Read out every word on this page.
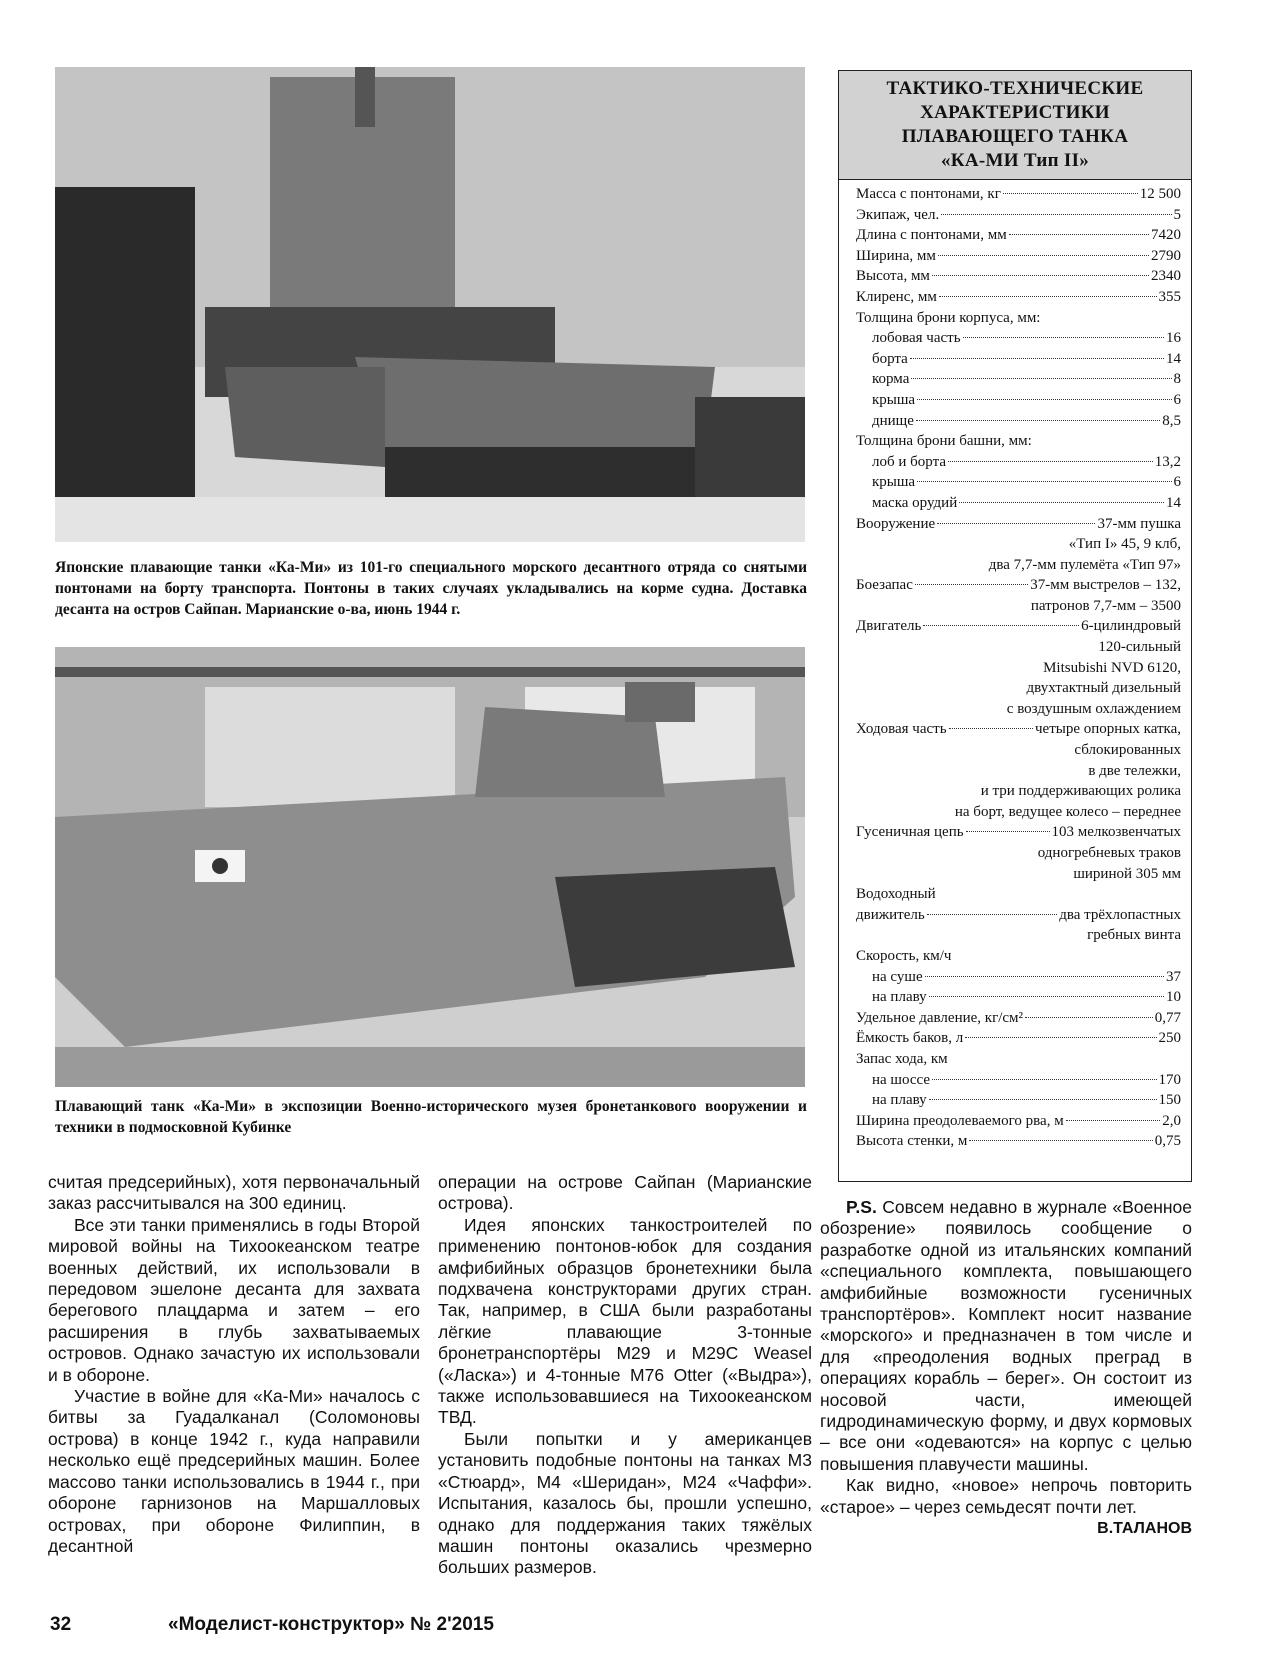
Японские плавающие танки «Ка-Ми» из 101-го специального морского десантного отряда со снятыми понтонами на борту транспорта. Понтоны в таких случаях укладывались на корме судна. Доставка десанта на остров Сайпан. Марианские о-ва, июнь 1944 г.
Плавающий танк «Ка-Ми» в экспозиции Военно-исторического музея бронетанкового вооружении и техники в подмосковной Кубинке
ТАКТИКО-ТЕХНИЧЕСКИЕ
ХАРАКТЕРИСТИКИ
ПЛАВАЮЩЕГО ТАНКА
«КА-МИ Тип II»
Масса с понтонами, кг	12 500
Экипаж, чел.	5
Длина с понтонами, мм	7420
Ширина, мм	2790
Высота, мм	2340
Клиренс, мм	355
Толщина брони корпуса, мм:
лобовая часть	16
борта	14
корма	8
крыша	6
днище	8,5
Толщина брони башни, мм:
лоб и борта	13,2
крыша	6
маска орудий	14
Вооружение	37-мм пушка
«Тип I» 45, 9 клб,
два 7,7-мм пулемёта «Тип 97»
Боезапас	37-мм выстрелов – 132,
патронов 7,7-мм – 3500
Двигатель	6-цилиндровый
120-сильный
Mitsubishi NVD 6120,
двухтактный дизельный
с воздушным охлаждением
Ходовая часть	четыре опорных катка,
сблокированных
в две тележки,
и три поддерживающих ролика
на борт, ведущее колесо – переднее
Гусеничная цепь	103 мелкозвенчатых
одногребневых траков
шириной 305 мм
Водоходный
движитель	два трёхлопастных
гребных винта
Скорость, км/ч
на суше	37
на плаву	10
Удельное давление, кг/см²	0,77
Ёмкость баков, л	250
Запас хода, км
на шоссе	170
на плаву	150
Ширина преодолеваемого рва, м	2,0
Высота стенки, м	0,75

считая предсерийных), хотя первоначальный заказ рассчитывался на 300 единиц.

Все эти танки применялись в годы Второй мировой войны на Тихоокеанском театре военных действий, их использовали в передовом эшелоне десанта для захвата берегового плацдарма и затем – его расширения в глубь захватываемых островов. Однако зачастую их использовали и в обороне.

Участие в войне для «Ка-Ми» началось с битвы за Гуадалканал (Соломоновы острова) в конце 1942 г., куда направили несколько ещё предсерийных машин. Более массово танки использовались в 1944 г., при обороне гарнизонов на Маршалловых островах, при обороне Филиппин, в десантной

операции на острове Сайпан (Марианские острова).

Идея японских танкостроителей по применению понтонов-юбок для создания амфибийных образцов бронетехники была подхвачена конструкторами других стран. Так, например, в США были разработаны лёгкие плавающие 3-тонные бронетранспортёры M29 и M29C Weasel («Ласка») и 4-тонные M76 Otter («Выдра»), также использовавшиеся на Тихоокеанском ТВД.

Были попытки и у американцев установить подобные понтоны на танках М3 «Стюард», М4 «Шеридан», М24 «Чаффи». Испытания, казалось бы, прошли успешно, однако для поддержания таких тяжёлых машин понтоны оказались чрезмерно больших размеров.

P.S. Совсем недавно в журнале «Военное обозрение» появилось сообщение о разработке одной из итальянских компаний «специального комплекта, повышающего амфибийные возможности гусеничных транспортёров». Комплект носит название «морского» и предназначен в том числе и для «преодоления водных преград в операциях корабль – берег». Он состоит из носовой части, имеющей гидродинамическую форму, и двух кормовых – все они «одеваются» на корпус с целью повышения плавучести машины.

Как видно, «новое» непрочь повторить «старое» – через семьдесят почти лет.

В.ТАЛАНОВ

32	«Моделист-конструктор» № 2'2015
